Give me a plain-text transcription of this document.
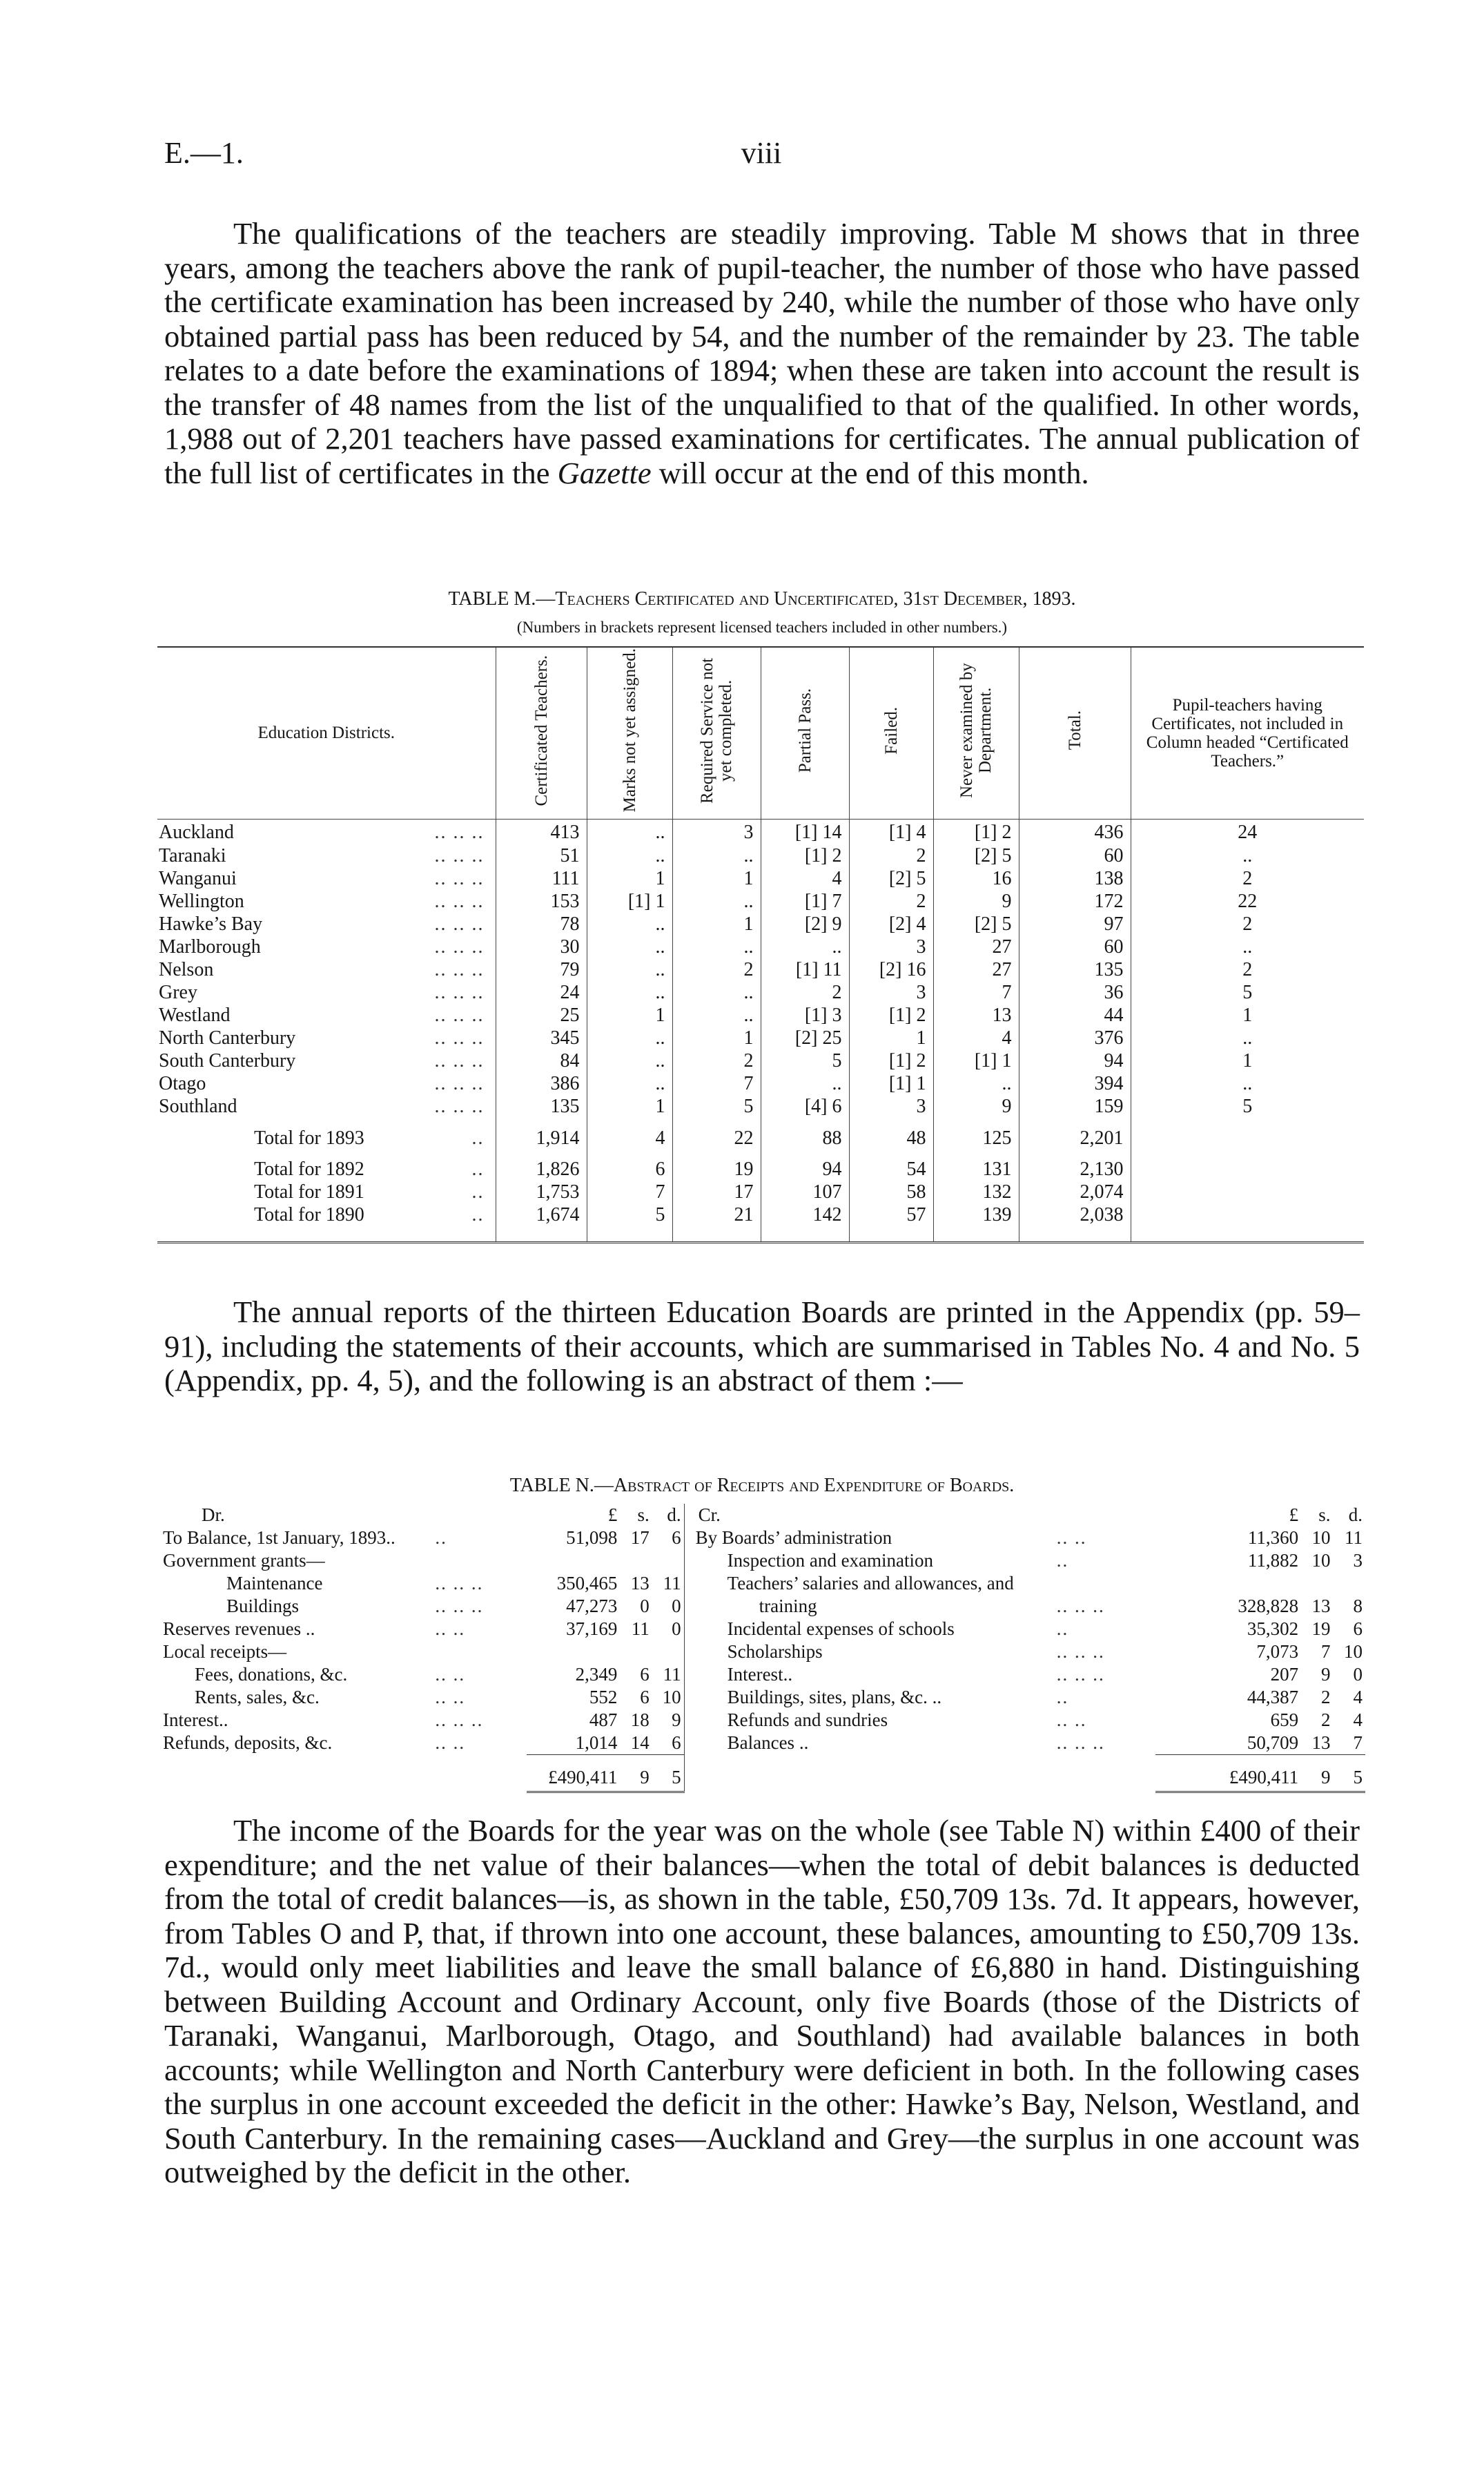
E.—1.	viii

The qualifications of the teachers are steadily improving. Table M shows that in three years, among the teachers above the rank of pupil-teacher, the number of those who have passed the certificate examination has been increased by 240, while the number of those who have only obtained partial pass has been reduced by 54, and the number of the remainder by 23. The table relates to a date before the examinations of 1894; when these are taken into account the result is the transfer of 48 names from the list of the unqualified to that of the qualified. In other words, 1,988 out of 2,201 teachers have passed examinations for certificates. The annual publication of the full list of certificates in the Gazette will occur at the end of this month.

TABLE M.—Teachers Certificated and Uncertificated, 31st December, 1893.
(Numbers in brackets represent licensed teachers included in other numbers.)
Education Districts.	Certificated Teachers.	Marks not yet assigned.	Required Service not yet completed.	Partial Pass.	Failed.	Never examined by Department.	Total.	Pupil-teachers having Certificates, not included in Column headed “Certificated Teachers.”
Auckland .. .. ..	413	..	3	[1] 14	[1] 4	[1] 2	436	24
Taranaki .. .. ..	51	..	..	[1] 2	2	[2] 5	60	..
Wanganui .. .. ..	111	1	1	4	[2] 5	16	138	2
Wellington .. .. ..	153	[1] 1	..	[1] 7	2	9	172	22
Hawke’s Bay .. .. ..	78	..	1	[2] 9	[2] 4	[2] 5	97	2
Marlborough .. .. ..	30	..	..	..	3	27	60	..
Nelson .. .. ..	79	..	2	[1] 11	[2] 16	27	135	2
Grey .. .. ..	24	..	..	2	3	7	36	5
Westland .. .. ..	25	1	..	[1] 3	[1] 2	13	44	1
North Canterbury .. .. ..	345	..	1	[2] 25	1	4	376	..
South Canterbury .. .. ..	84	..	2	5	[1] 2	[1] 1	94	1
Otago .. .. ..	386	..	7	..	[1] 1	..	394	..
Southland .. .. ..	135	1	5	[4] 6	3	9	159	5
Total for 1893 ..	1,914	4	22	88	48	125	2,201	
Total for 1892 ..	1,826	6	19	94	54	131	2,130	
Total for 1891 ..	1,753	7	17	107	58	132	2,074	
Total for 1890 ..	1,674	5	21	142	57	139	2,038	

The annual reports of the thirteen Education Boards are printed in the Appendix (pp. 59–91), including the statements of their accounts, which are summarised in Tables No. 4 and No. 5 (Appendix, pp. 4, 5), and the following is an abstract of them :—

TABLE N.—Abstract of Receipts and Expenditure of Boards.
Dr.		£	s.	d.	Cr.		£	s.	d.
To Balance, 1st January, 1893..	..	51,098	17	6	By Boards’ administration	.. ..	11,360	10	11
Government grants—					Inspection and examination	..	11,882	10	3
Maintenance	.. .. ..	350,465	13	11	Teachers’ salaries and allowances, and				
Buildings	.. .. ..	47,273	0	0	training	.. .. ..	328,828	13	8
Reserves revenues ..	.. ..	37,169	11	0	Incidental expenses of schools	..	35,302	19	6
Local receipts—					Scholarships	.. .. ..	7,073	7	10
Fees, donations, &c.	.. ..	2,349	6	11	Interest..	.. .. ..	207	9	0
Rents, sales, &c.	.. ..	552	6	10	Buildings, sites, plans, &c. ..	..	44,387	2	4
Interest..	.. .. ..	487	18	9	Refunds and sundries	.. ..	659	2	4
Refunds, deposits, &c.	.. ..	1,014	14	6	Balances ..	.. .. ..	50,709	13	7
		£490,411	9	5			£490,411	9	5

The income of the Boards for the year was on the whole (see Table N) within £400 of their expenditure; and the net value of their balances—when the total of debit balances is deducted from the total of credit balances—is, as shown in the table, £50,709 13s. 7d. It appears, however, from Tables O and P, that, if thrown into one account, these balances, amounting to £50,709 13s. 7d., would only meet liabilities and leave the small balance of £6,880 in hand. Distinguishing between Building Account and Ordinary Account, only five Boards (those of the Districts of Taranaki, Wanganui, Marlborough, Otago, and Southland) had available balances in both accounts; while Wellington and North Canterbury were deficient in both. In the following cases the surplus in one account exceeded the deficit in the other: Hawke’s Bay, Nelson, Westland, and South Canterbury. In the remaining cases—Auckland and Grey—the surplus in one account was outweighed by the deficit in the other.
